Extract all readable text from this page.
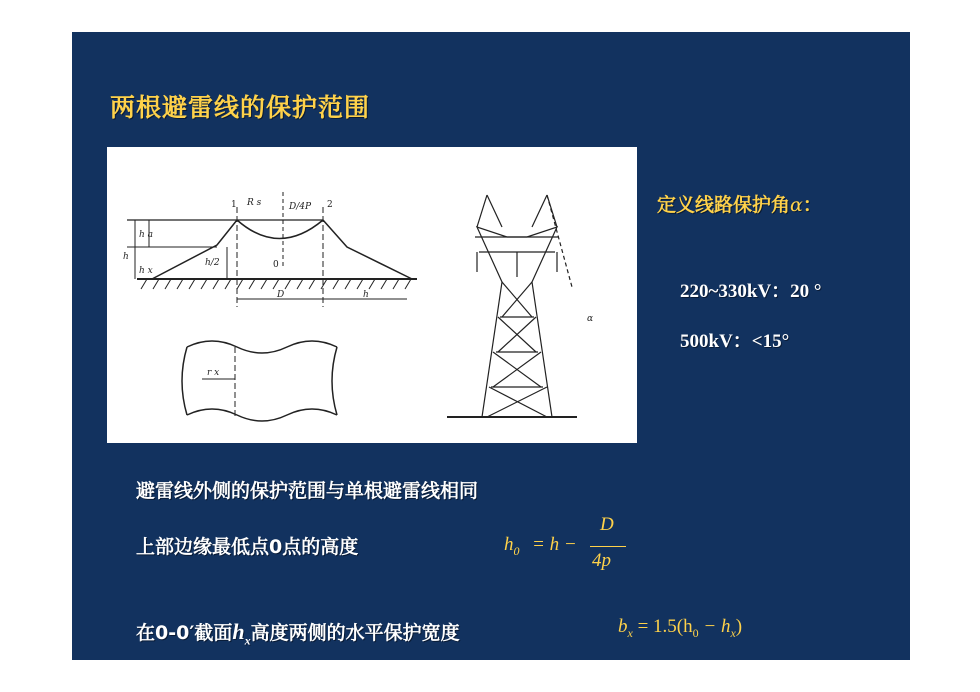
两根避雷线的保护范围
1	2
0
R s	D/4P
h a
h
h x
h/2
D	h
r x
α
定义线路保护角α：
220~330kV：20 °
500kV：<15°
避雷线外侧的保护范围与单根避雷线相同
上部边缘最低点0点的高度	$h_0 = h$ −
D
4p
在0-0′截面$h_x$高度两侧的水平保护宽度	$b_x = 1.5(h_0 - h_x)$
